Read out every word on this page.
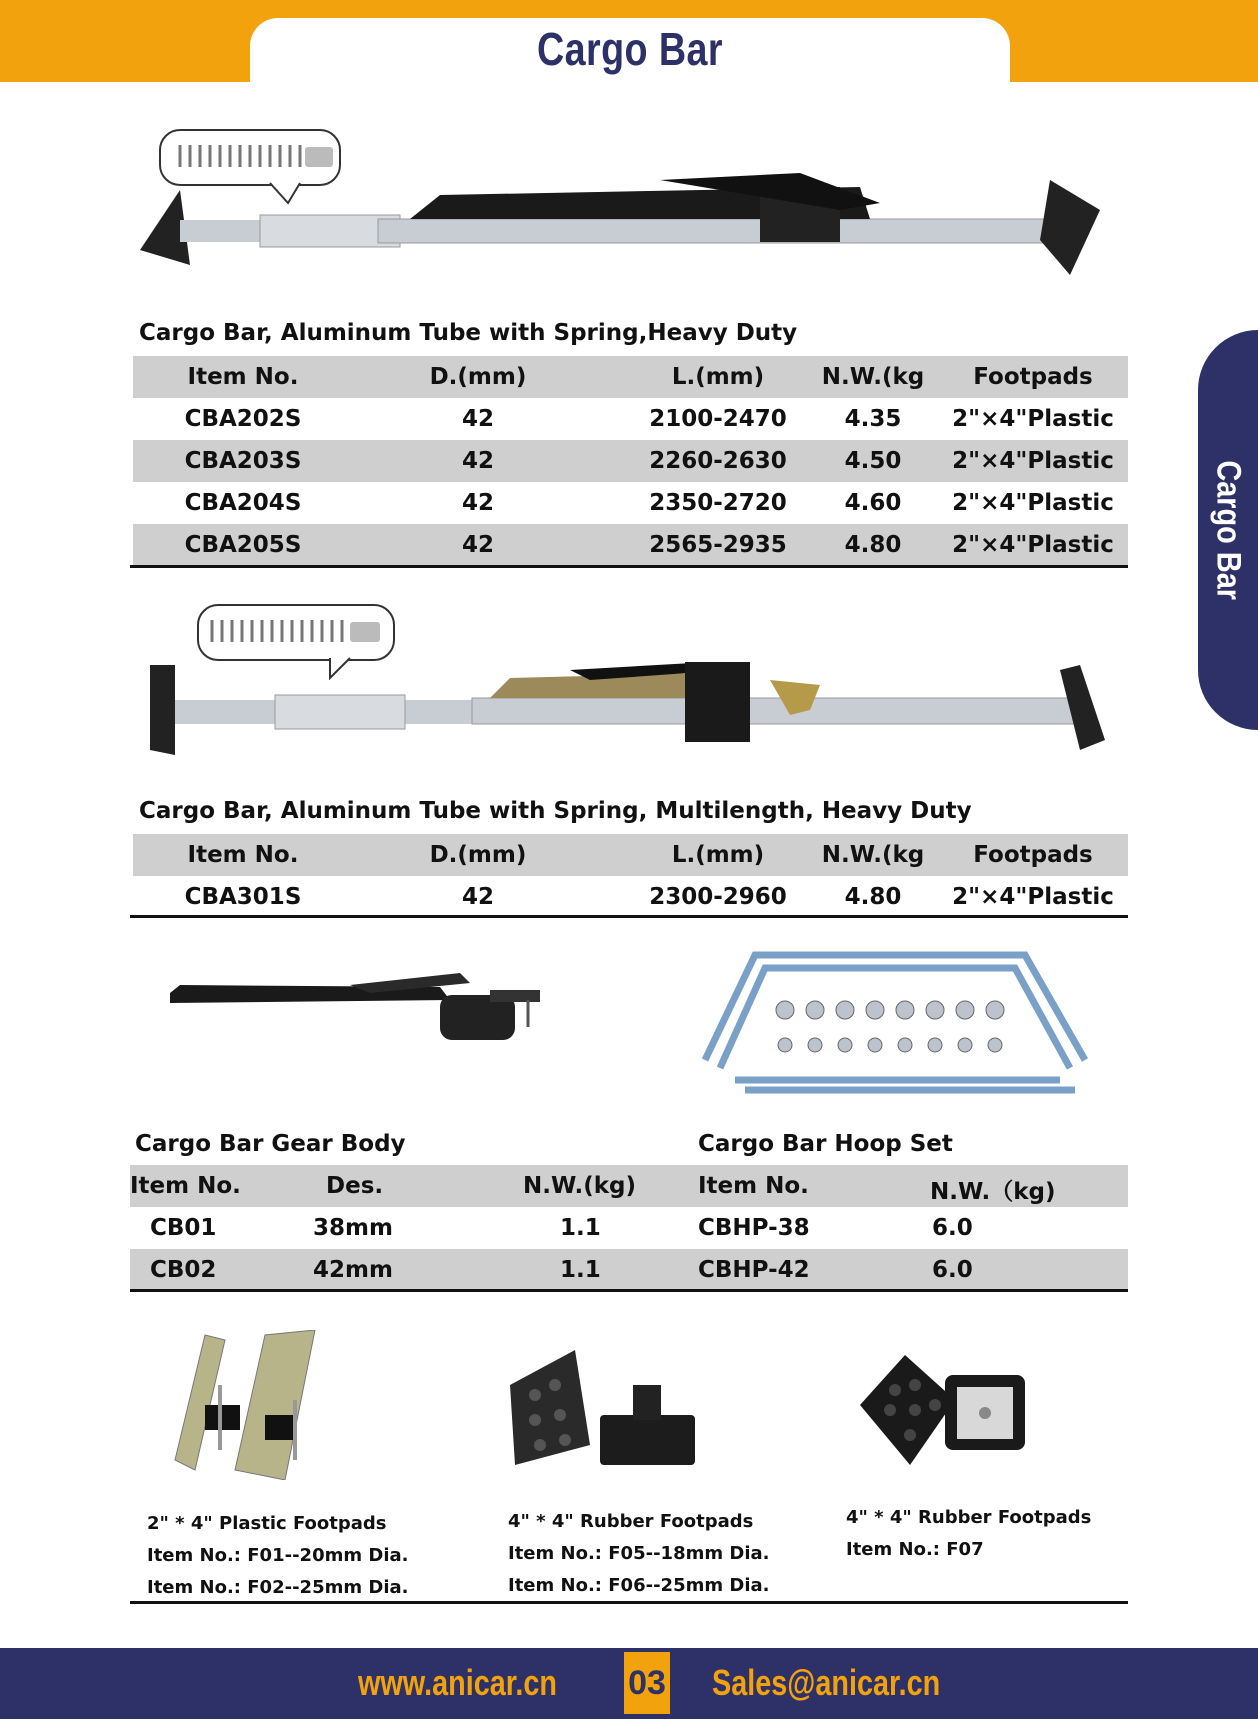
Cargo Bar
Cargo Bar
Cargo Bar, Aluminum Tube with Spring,Heavy Duty
Item No.	D.(mm)	L.(mm)	N.W.(kg	Footpads
CBA202S	42	2100-2470	4.35	2"×4"Plastic
CBA203S	42	2260-2630	4.50	2"×4"Plastic
CBA204S	42	2350-2720	4.60	2"×4"Plastic
CBA205S	42	2565-2935	4.80	2"×4"Plastic
Cargo Bar, Aluminum Tube with Spring, Multilength, Heavy Duty
Item No.	D.(mm)	L.(mm)	N.W.(kg	Footpads
CBA301S	42	2300-2960	4.80	2"×4"Plastic
Cargo Bar Gear Body	Cargo Bar Hoop Set
Item No.	Des.	N.W.(kg)	Item No.	N.W.（kg)
CB01	38mm	1.1	CBHP-38	6.0
CB02	42mm	1.1	CBHP-42	6.0
2" * 4" Plastic Footpads
Item No.: F01--20mm Dia.
Item No.: F02--25mm Dia.
4" * 4" Rubber Footpads
Item No.: F05--18mm Dia.
Item No.: F06--25mm Dia.
4" * 4" Rubber Footpads
Item No.: F07
www.anicar.cn 03 Sales@anicar.cn
